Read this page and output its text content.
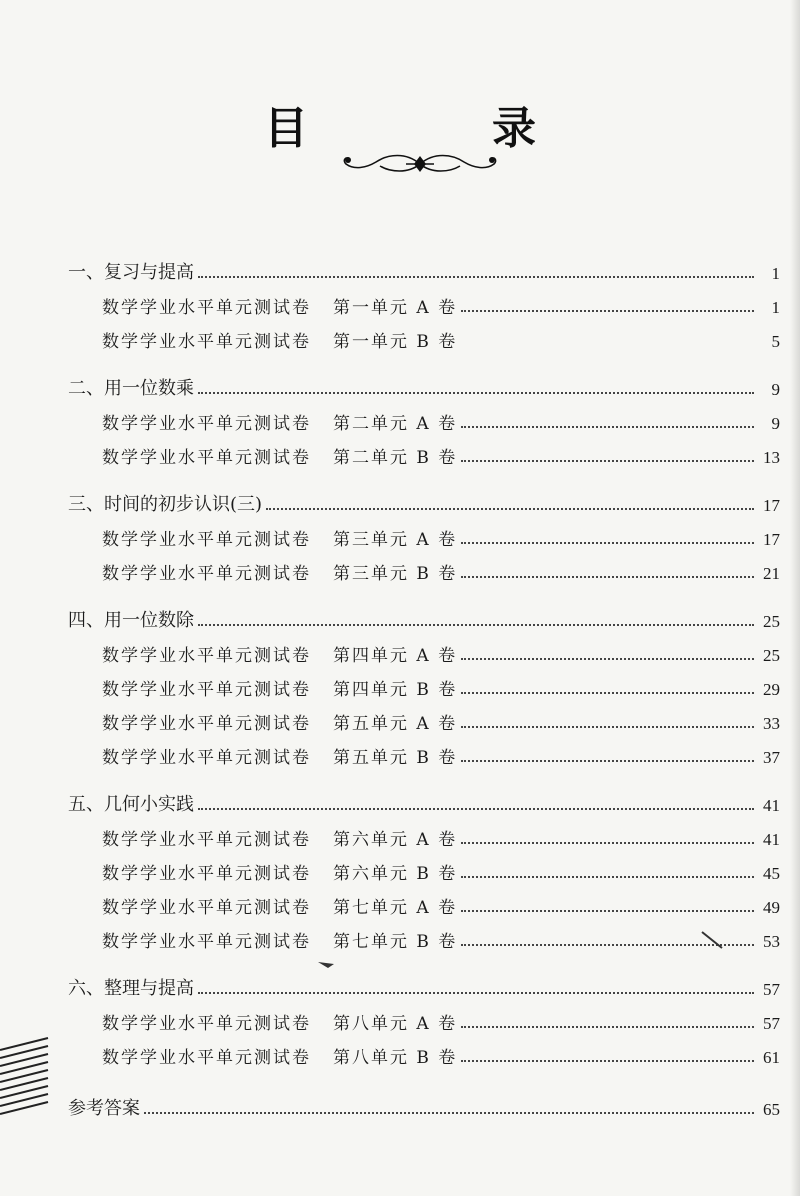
目　录
一、复习与提高	1
数学学业水平单元测试卷 第一单元 A 卷	1
数学学业水平单元测试卷 第一单元 B 卷	5
二、用一位数乘	9
数学学业水平单元测试卷 第二单元 A 卷	9
数学学业水平单元测试卷 第二单元 B 卷	13
三、时间的初步认识(三)	17
数学学业水平单元测试卷 第三单元 A 卷	17
数学学业水平单元测试卷 第三单元 B 卷	21
四、用一位数除	25
数学学业水平单元测试卷 第四单元 A 卷	25
数学学业水平单元测试卷 第四单元 B 卷	29
数学学业水平单元测试卷 第五单元 A 卷	33
数学学业水平单元测试卷 第五单元 B 卷	37
五、几何小实践	41
数学学业水平单元测试卷 第六单元 A 卷	41
数学学业水平单元测试卷 第六单元 B 卷	45
数学学业水平单元测试卷 第七单元 A 卷	49
数学学业水平单元测试卷 第七单元 B 卷	53
六、整理与提高	57
数学学业水平单元测试卷 第八单元 A 卷	57
数学学业水平单元测试卷 第八单元 B 卷	61
参考答案	65
